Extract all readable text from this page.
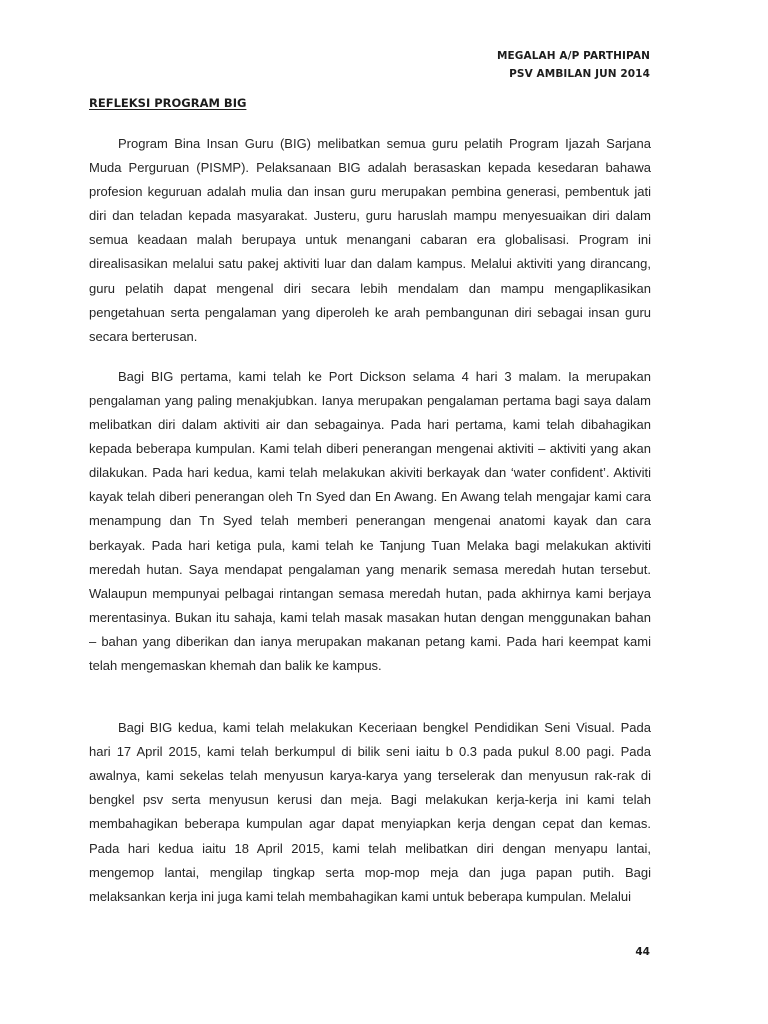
MEGALAH A/P PARTHIPAN
PSV AMBILAN JUN 2014
REFLEKSI PROGRAM BIG

Program Bina Insan Guru (BIG) melibatkan semua guru pelatih Program Ijazah Sarjana Muda Perguruan (PISMP). Pelaksanaan BIG adalah berasaskan kepada kesedaran bahawa profesion keguruan adalah mulia dan insan guru merupakan pembina generasi, pembentuk jati diri dan teladan kepada masyarakat. Justeru, guru haruslah mampu menyesuaikan diri dalam semua keadaan malah berupaya untuk menangani cabaran era globalisasi. Program ini direalisasikan melalui satu pakej aktiviti luar dan dalam kampus. Melalui aktiviti yang dirancang, guru pelatih dapat mengenal diri secara lebih mendalam dan mampu mengaplikasikan pengetahuan serta pengalaman yang diperoleh ke arah pembangunan diri sebagai insan guru secara berterusan.

Bagi BIG pertama, kami telah ke Port Dickson selama 4 hari 3 malam. Ia merupakan pengalaman yang paling menakjubkan. Ianya merupakan pengalaman pertama bagi saya dalam melibatkan diri dalam aktiviti air dan sebagainya. Pada hari pertama, kami telah dibahagikan kepada beberapa kumpulan. Kami telah diberi penerangan mengenai aktiviti – aktiviti yang akan dilakukan. Pada hari kedua, kami telah melakukan akiviti berkayak dan ‘water confident’. Aktiviti kayak telah diberi penerangan oleh Tn Syed dan En Awang. En Awang telah mengajar kami cara menampung dan Tn Syed telah memberi penerangan mengenai anatomi kayak dan cara berkayak. Pada hari ketiga pula, kami telah ke Tanjung Tuan Melaka bagi melakukan aktiviti meredah hutan. Saya mendapat pengalaman yang menarik semasa meredah hutan tersebut. Walaupun mempunyai pelbagai rintangan semasa meredah hutan, pada akhirnya kami berjaya merentasinya. Bukan itu sahaja, kami telah masak masakan hutan dengan menggunakan bahan – bahan yang diberikan dan ianya merupakan makanan petang kami. Pada hari keempat kami telah mengemaskan khemah dan balik ke kampus.

Bagi BIG kedua, kami telah melakukan Keceriaan bengkel Pendidikan Seni Visual. Pada hari 17 April 2015, kami telah berkumpul di bilik seni iaitu b 0.3 pada pukul 8.00 pagi. Pada awalnya, kami sekelas telah menyusun karya-karya yang terselerak dan menyusun rak-rak di bengkel psv serta menyusun kerusi dan meja. Bagi melakukan kerja-kerja ini kami telah membahagikan beberapa kumpulan agar dapat menyiapkan kerja dengan cepat dan kemas. Pada hari kedua iaitu 18 April 2015, kami telah melibatkan diri dengan menyapu lantai, mengemop lantai, mengilap tingkap serta mop-mop meja dan juga papan putih. Bagi melaksankan kerja ini juga kami telah membahagikan kami untuk beberapa kumpulan. Melalui

44
